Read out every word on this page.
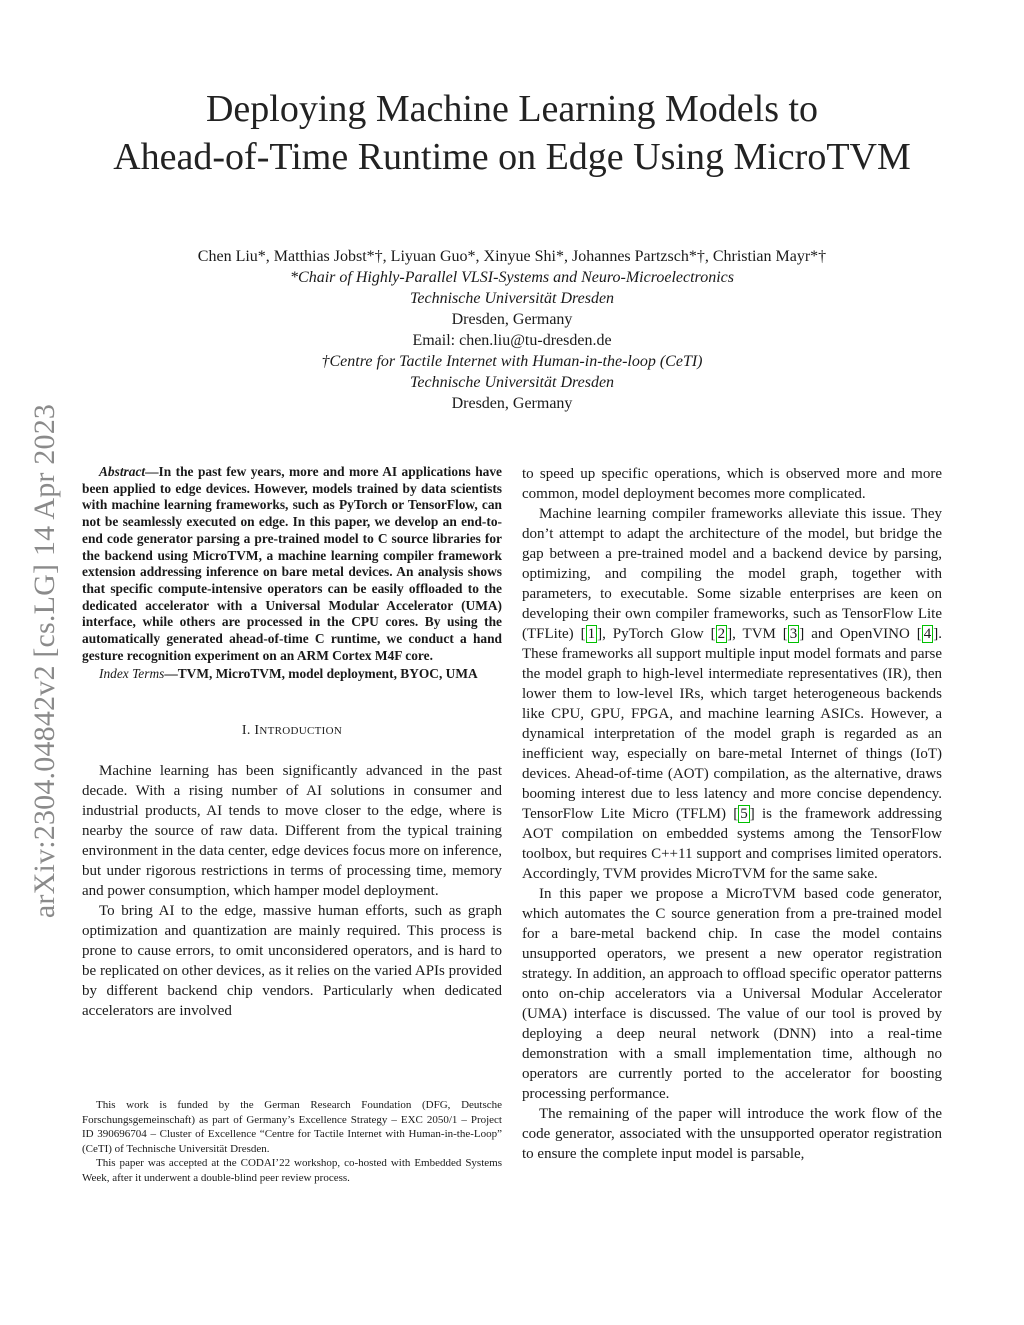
arXiv:2304.04842v2 [cs.LG] 14 Apr 2023
Deploying Machine Learning Models to
Ahead-of-Time Runtime on Edge Using MicroTVM
Chen Liu*, Matthias Jobst*†, Liyuan Guo*, Xinyue Shi*, Johannes Partzsch*†, Christian Mayr*†
*Chair of Highly-Parallel VLSI-Systems and Neuro-Microelectronics
Technische Universität Dresden
Dresden, Germany
Email: chen.liu@tu-dresden.de
†Centre for Tactile Internet with Human-in-the-loop (CeTI)
Technische Universität Dresden
Dresden, Germany

Abstract—In the past few years, more and more AI applications have been applied to edge devices. However, models trained by data scientists with machine learning frameworks, such as PyTorch or TensorFlow, can not be seamlessly executed on edge. In this paper, we develop an end-to-end code generator parsing a pre-trained model to C source libraries for the backend using MicroTVM, a machine learning compiler framework extension addressing inference on bare metal devices. An analysis shows that specific compute-intensive operators can be easily offloaded to the dedicated accelerator with a Universal Modular Accelerator (UMA) interface, while others are processed in the CPU cores. By using the automatically generated ahead-of-time C runtime, we conduct a hand gesture recognition experiment on an ARM Cortex M4F core.

Index Terms—TVM, MicroTVM, model deployment, BYOC, UMA

I. INTRODUCTION

Machine learning has been significantly advanced in the past decade. With a rising number of AI solutions in consumer and industrial products, AI tends to move closer to the edge, where is nearby the source of raw data. Different from the typical training environment in the data center, edge devices focus more on inference, but under rigorous restrictions in terms of processing time, memory and power consumption, which hamper model deployment.

To bring AI to the edge, massive human efforts, such as graph optimization and quantization are mainly required. This process is prone to cause errors, to omit unconsidered operators, and is hard to be replicated on other devices, as it relies on the varied APIs provided by different backend chip vendors. Particularly when dedicated accelerators are involved

This work is funded by the German Research Foundation (DFG, Deutsche Forschungsgemeinschaft) as part of Germany’s Excellence Strategy – EXC 2050/1 – Project ID 390696704 – Cluster of Excellence “Centre for Tactile Internet with Human-in-the-Loop” (CeTI) of Technische Universität Dresden.

This paper was accepted at the CODAI’22 workshop, co-hosted with Embedded Systems Week, after it underwent a double-blind peer review process.

to speed up specific operations, which is observed more and more common, model deployment becomes more complicated.

Machine learning compiler frameworks alleviate this issue. They don’t attempt to adapt the architecture of the model, but bridge the gap between a pre-trained model and a backend device by parsing, optimizing, and compiling the model graph, together with parameters, to executable. Some sizable enterprises are keen on developing their own compiler frameworks, such as TensorFlow Lite (TFLite) [ 1 ], PyTorch Glow [ 2 ], TVM [ 3 ] and OpenVINO [ 4 ]. These frameworks all support multiple input model formats and parse the model graph to high-level intermediate representatives (IR), then lower them to low-level IRs, which target heterogeneous backends like CPU, GPU, FPGA, and machine learning ASICs. However, a dynamical interpretation of the model graph is regarded as an inefficient way, especially on bare-metal Internet of things (IoT) devices. Ahead-of-time (AOT) compilation, as the alternative, draws booming interest due to less latency and more concise dependency. TensorFlow Lite Micro (TFLM) [ 5 ] is the framework addressing AOT compilation on embedded systems among the TensorFlow toolbox, but requires C++11 support and comprises limited operators. Accordingly, TVM provides MicroTVM for the same sake.

In this paper we propose a MicroTVM based code generator, which automates the C source generation from a pre-trained model for a bare-metal backend chip. In case the model contains unsupported operators, we present a new operator registration strategy. In addition, an approach to offload specific operator patterns onto on-chip accelerators via a Universal Modular Accelerator (UMA) interface is discussed. The value of our tool is proved by deploying a deep neural network (DNN) into a real-time demonstration with a small implementation time, although no operators are currently ported to the accelerator for boosting processing performance.

The remaining of the paper will introduce the work flow of the code generator, associated with the unsupported operator registration to ensure the complete input model is parsable,
